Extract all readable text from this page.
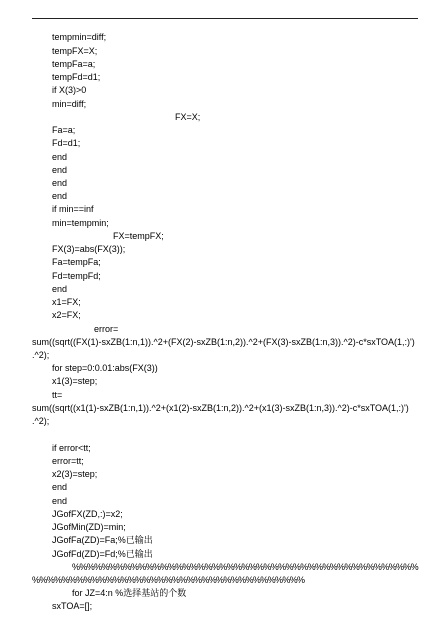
tempmin=diff;
tempFX=X;
tempFa=a;
tempFd=d1;
if X(3)>0
min=diff;
FX=X;
Fa=a;
Fd=d1;
end
end
end
end
if min==inf
min=tempmin;
FX=tempFX;
FX(3)=abs(FX(3));
Fa=tempFa;
Fd=tempFd;
end
x1=FX;
x2=FX;
error=
sum((sqrt((FX(1)-sxZB(1:n,1)).^2+(FX(2)-sxZB(1:n,2)).^2+(FX(3)-sxZB(1:n,3)).^2)-c*sxTOA(1,:)')
.^2);
for step=0:0.01:abs(FX(3))
x1(3)=step;
tt=
sum((sqrt((x1(1)-sxZB(1:n,1)).^2+(x1(2)-sxZB(1:n,2)).^2+(x1(3)-sxZB(1:n,3)).^2)-c*sxTOA(1,:)')
.^2);
if error<tt;
error=tt;
x2(3)=step;
end
end
JGofFX(ZD,:)=x2;
JGofMin(ZD)=min;
JGofFa(ZD)=Fa;%已输出
JGofFd(ZD)=Fd;%已输出
%%%%%%%%%%%%%%%%%%%%%%%%%%%%%%%%%%%%%%%%%%%%%%%
%%%%%%%%%%%%%%%%%%%%%%%%%%%%%%%%%%%%%
for JZ=4:n %选择基站的个数
sxTOA=[];
